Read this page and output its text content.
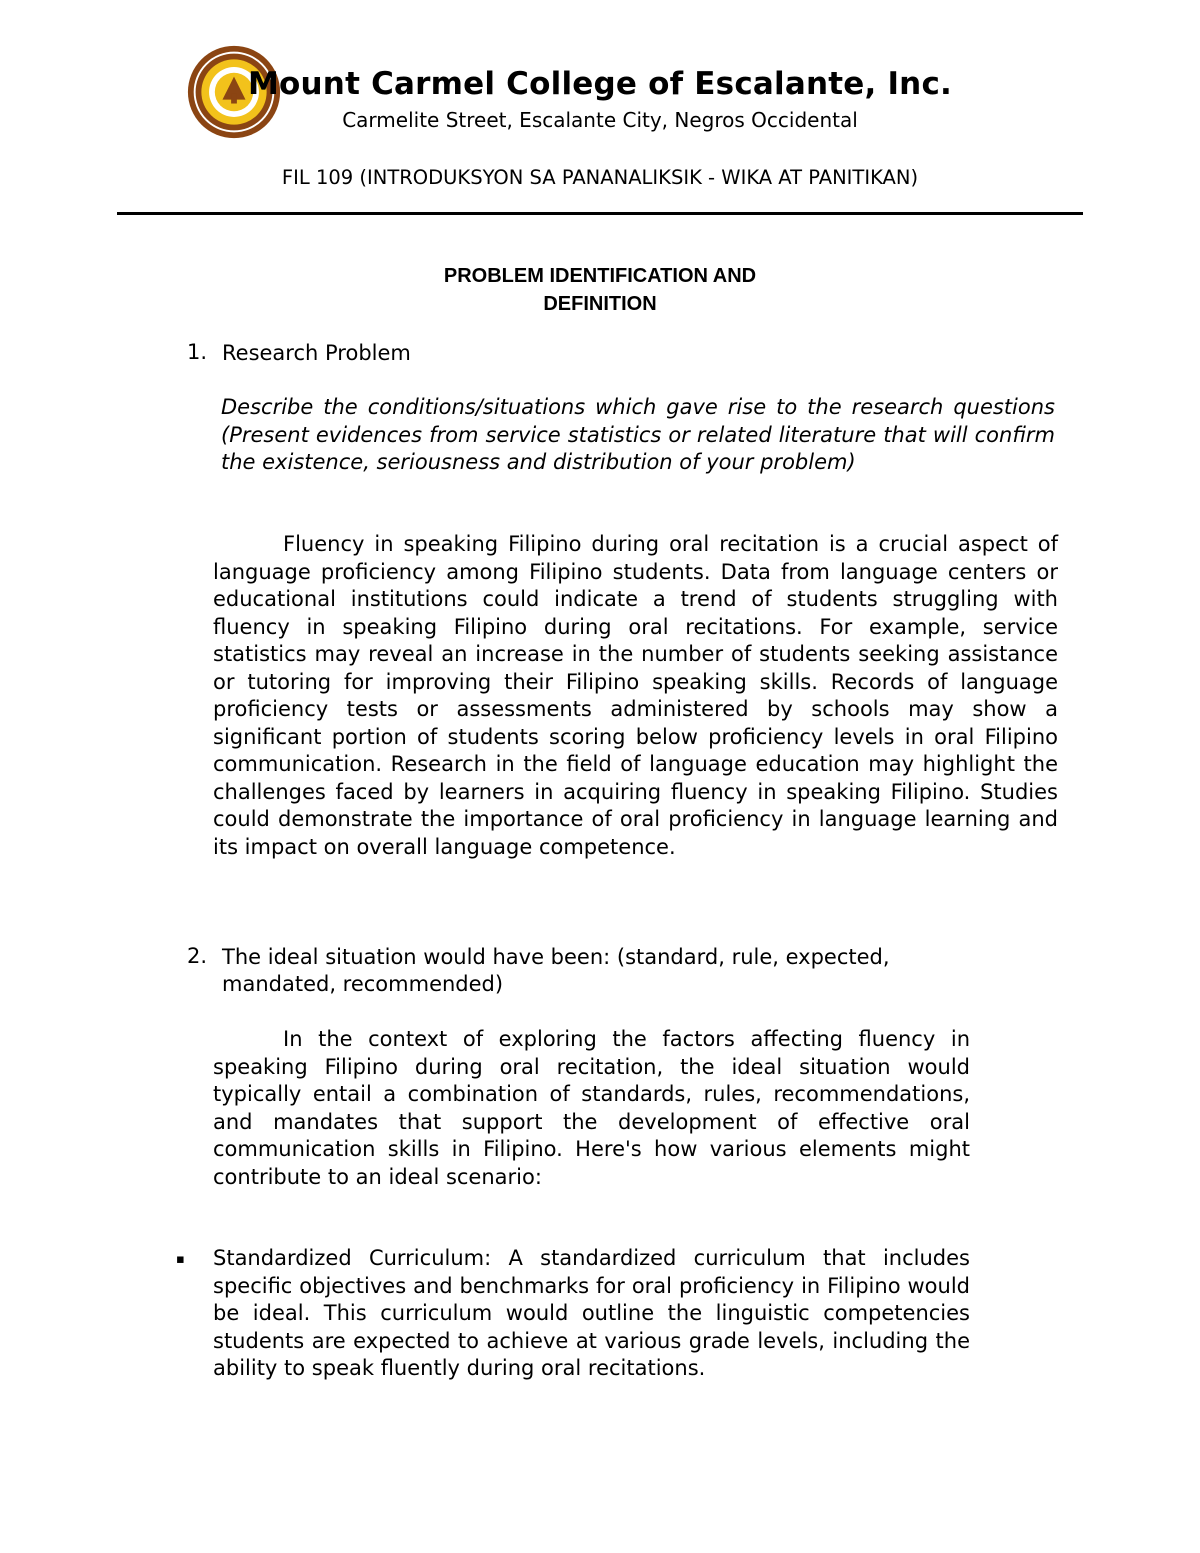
Mount Carmel College of Escalante, Inc.
Carmelite Street, Escalante City, Negros Occidental
FIL 109 (INTRODUKSYON SA PANANALIKSIK - WIKA AT PANITIKAN)
PROBLEM IDENTIFICATION AND
DEFINITION
1. Research Problem
Describe the conditions/situations which gave rise to the research questions (Present evidences from service statistics or related literature that will confirm the existence, seriousness and distribution of your problem)
Fluency in speaking Filipino during oral recitation is a crucial aspect of language proficiency among Filipino students. Data from language centers or educational institutions could indicate a trend of students struggling with fluency in speaking Filipino during oral recitations. For example, service statistics may reveal an increase in the number of students seeking assistance or tutoring for improving their Filipino speaking skills. Records of language proficiency tests or assessments administered by schools may show a significant portion of students scoring below proficiency levels in oral Filipino communication. Research in the field of language education may highlight the challenges faced by learners in acquiring fluency in speaking Filipino. Studies could demonstrate the importance of oral proficiency in language learning and its impact on overall language competence.
2. The ideal situation would have been: (standard, rule, expected, mandated, recommended)
In the context of exploring the factors affecting fluency in speaking Filipino during oral recitation, the ideal situation would typically entail a combination of standards, rules, recommendations, and mandates that support the development of effective oral communication skills in Filipino. Here's how various elements might contribute to an ideal scenario:
▪ Standardized Curriculum: A standardized curriculum that includes specific objectives and benchmarks for oral proficiency in Filipino would be ideal. This curriculum would outline the linguistic competencies students are expected to achieve at various grade levels, including the ability to speak fluently during oral recitations.
